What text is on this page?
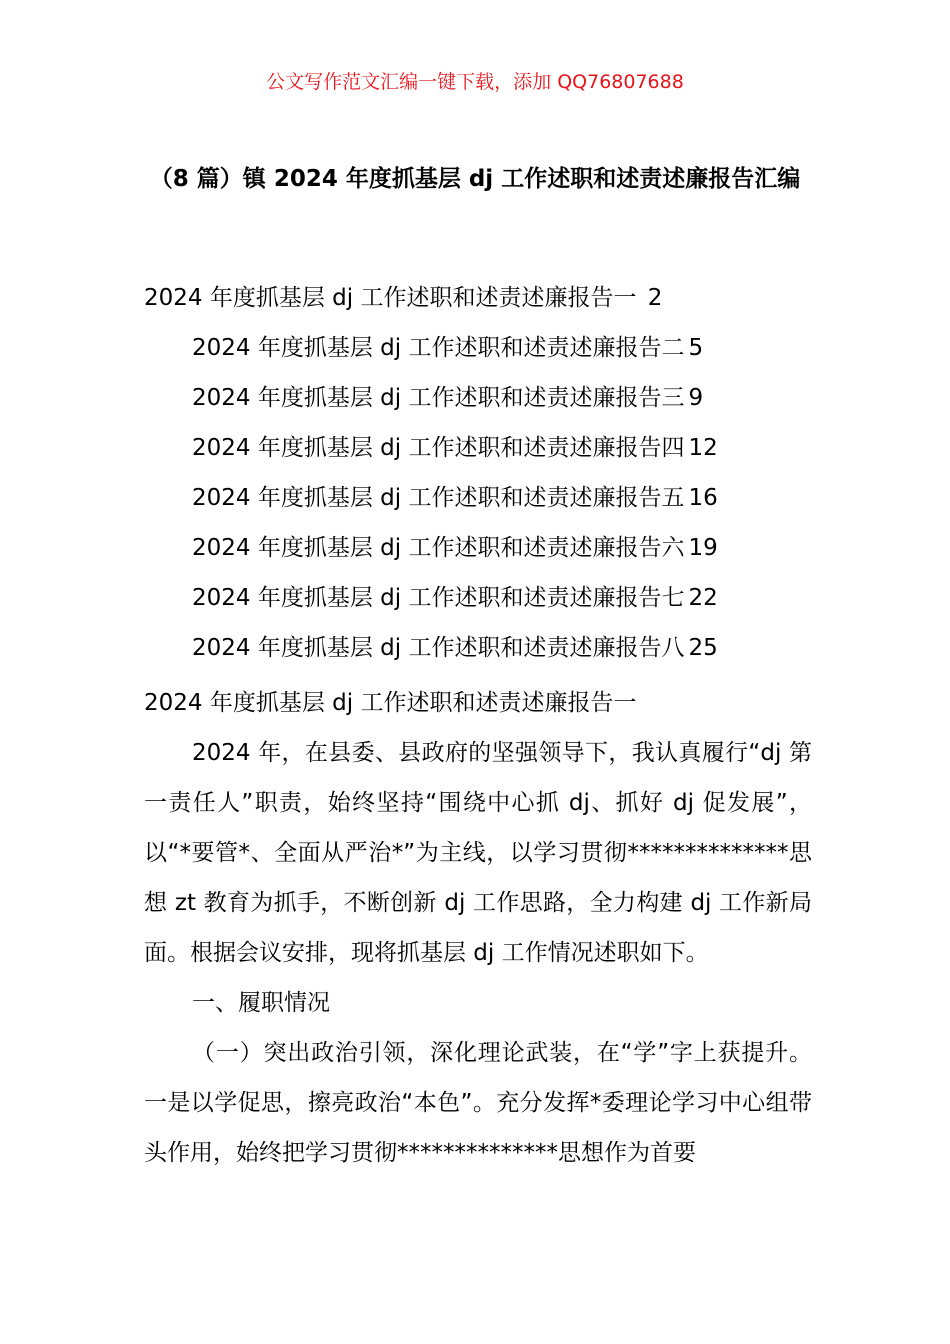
公文写作范文汇编一键下载，添加 QQ76807688
（8 篇）镇 2024 年度抓基层 dj 工作述职和述责述廉报告汇编
2024 年度抓基层 dj 工作述职和述责述廉报告一 2
2024 年度抓基层 dj 工作述职和述责述廉报告二 5
2024 年度抓基层 dj 工作述职和述责述廉报告三 9
2024 年度抓基层 dj 工作述职和述责述廉报告四 12
2024 年度抓基层 dj 工作述职和述责述廉报告五 16
2024 年度抓基层 dj 工作述职和述责述廉报告六 19
2024 年度抓基层 dj 工作述职和述责述廉报告七 22
2024 年度抓基层 dj 工作述职和述责述廉报告八 25

2024 年度抓基层 dj 工作述职和述责述廉报告一

2024 年，在县委、县政府的坚强领导下，我认真履行“dj 第一责任人”职责，始终坚持“围绕中心抓 dj、抓好 dj 促发展”，以“*要管*、全面从严治*”为主线，以学习贯彻**************思想 zt 教育为抓手，不断创新 dj 工作思路，全力构建 dj 工作新局面。根据会议安排，现将抓基层 dj 工作情况述职如下。

一、履职情况

（一）突出政治引领，深化理论武装，在“学”字上获提升。一是以学促思，擦亮政治“本色”。充分发挥*委理论学习中心组带头作用，始终把学习贯彻**************思想作为首要
